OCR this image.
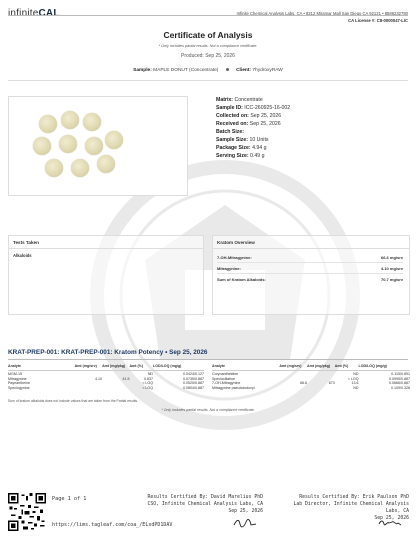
infiniteCAL	Infinite Chemical Analysis Labs, CA • 8312 Miramar Mall San Diego CA 92121 • 8586232780
CA License #: C8-0000047-LIC
Certificate of Analysis
* Only includes partial results. Not a compliance certificate.
Produced: Sep 25, 2026
Sample: MAPLE DONUT (Concentrate)	Client: 7hydroxyRAW
Matrix: Concentrate
Sample ID: ICC-260925-16-002
Collected on: Sep 25, 2026
Received on: Sep 25, 2026
Batch Size:
Sample Size: 10 Units
Package Size: 4.94 g
Serving Size: 0.49 g
Tests Taken
Alkaloids
Kratom Overview
7-OH-Mitragynine:	66.6 mg/srv
Mitragynine:	4.10 mg/srv
Sum of Kratom Alkaloids:	70.7 mg/srv
KRAT-PREP-001: KRAT-PREP-001: Kratom Potency • Sep 25, 2026
Analyte	Amt (mg/srv)	Amt (mg/pkg)	Amt (%)	LOD/LOQ (mg/g)
MGM-15			ND	0.0424/0.127
Mitragynine	4.10	41.5	0.837	0.0735/0.887
Paynantheine			< LOQ	0.0520/0.887
Speciogynine			< LOQ	0.0804/0.887
Analyte	Amt (mg/srv)	Amt (mg/pkg)	Amt (%)	LOD/LOQ (mg/g)
Corynantheidine			ND	0.115/0.891
Speciociliatine			< LOQ	0.0995/0.887
7-OH-Mitragynine	66.6	673	13.6	0.0666/0.887
Mitragynine pseudoindoxyl			ND	0.109/0.326
Sum of kratom alkaloids does not include values that are taken from the Partial results.
* Only includes partial results. Not a compliance certificate.
Page 1 of 1
https://lims.tagleaf.com/coa_/ELxdPD1DAV
Results Certified By: David Marelius PhD
CSO, Infinite Chemical Analysis Labs, CA
Sep 25, 2026
Results Certified By: Erik Paulson PhD
Lab Director, Infinite Chemical Analysis Labs, CA
Sep 25, 2026
